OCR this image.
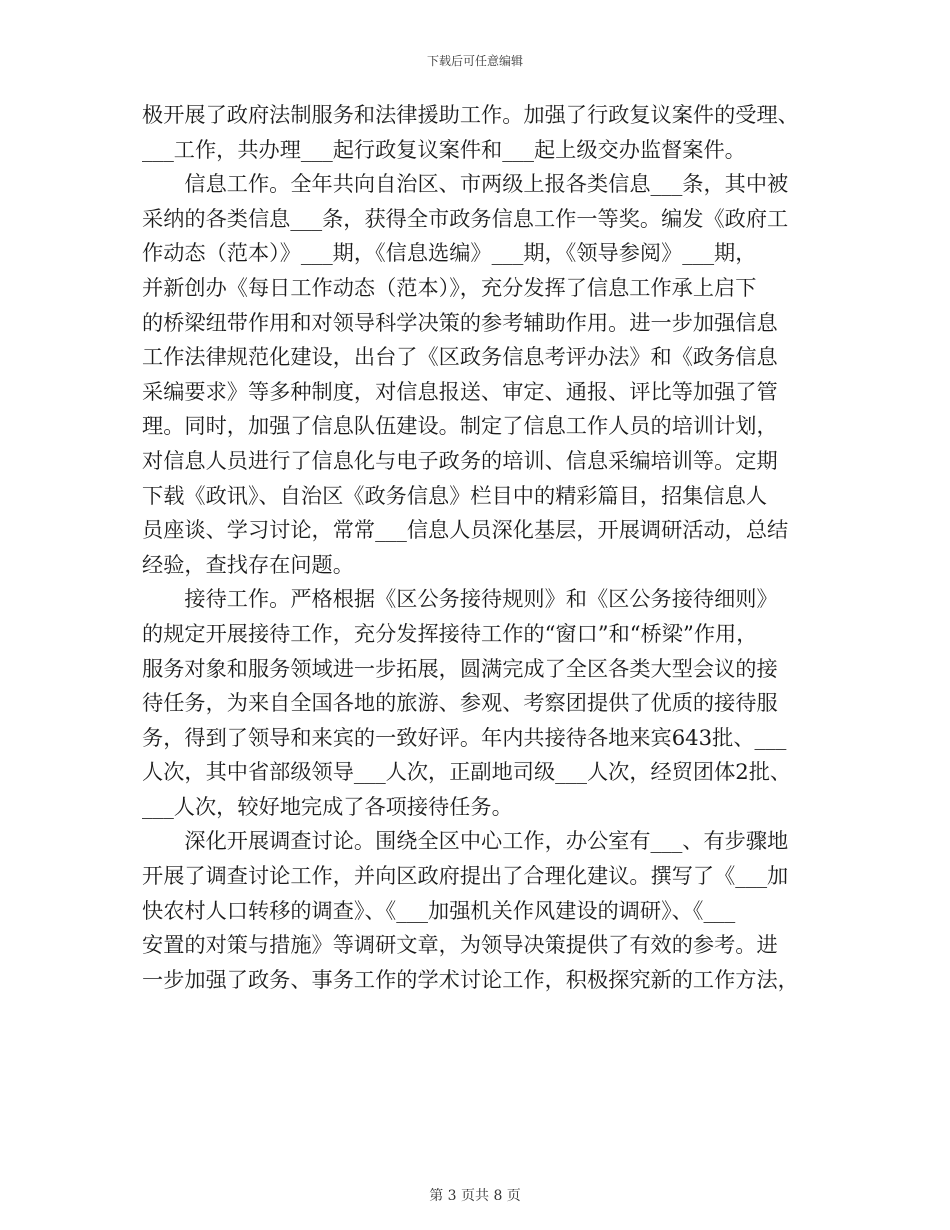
下载后可任意编辑

极开展了政府法制服务和法律援助工作。加强了行政复议案件的受理、

___工作，共办理___起行政复议案件和___起上级交办监督案件。

　　信息工作。全年共向自治区、市两级上报各类信息___条，其中被

采纳的各类信息___条，获得全市政务信息工作一等奖。编发《政府工

作动态（范本）》___期，《信息选编》___期，《领导参阅》___期，

并新创办《每日工作动态（范本）》，充分发挥了信息工作承上启下

的桥梁纽带作用和对领导科学决策的参考辅助作用。进一步加强信息

工作法律规范化建设，出台了《区政务信息考评办法》和《政务信息

采编要求》等多种制度，对信息报送、审定、通报、评比等加强了管

理。同时，加强了信息队伍建设。制定了信息工作人员的培训计划，

对信息人员进行了信息化与电子政务的培训、信息采编培训等。定期

下载《政讯》、自治区《政务信息》栏目中的精彩篇目，招集信息人

员座谈、学习讨论，常常___信息人员深化基层，开展调研活动，总结

经验，查找存在问题。

　　接待工作。严格根据《区公务接待规则》和《区公务接待细则》

的规定开展接待工作，充分发挥接待工作的“窗口”和“桥梁”作用，

服务对象和服务领域进一步拓展，圆满完成了全区各类大型会议的接

待任务，为来自全国各地的旅游、参观、考察团提供了优质的接待服

务，得到了领导和来宾的一致好评。年内共接待各地来宾643批、___

人次，其中省部级领导___人次，正副地司级___人次，经贸团体2批、

___人次，较好地完成了各项接待任务。

　　深化开展调查讨论。围绕全区中心工作，办公室有___、有步骤地

开展了调查讨论工作，并向区政府提出了合理化建议。撰写了《___加

快农村人口转移的调查》、《___加强机关作风建设的调研》、《___

安置的对策与措施》等调研文章，为领导决策提供了有效的参考。进

一步加强了政务、事务工作的学术讨论工作，积极探究新的工作方法，

第 3 页共 8 页
